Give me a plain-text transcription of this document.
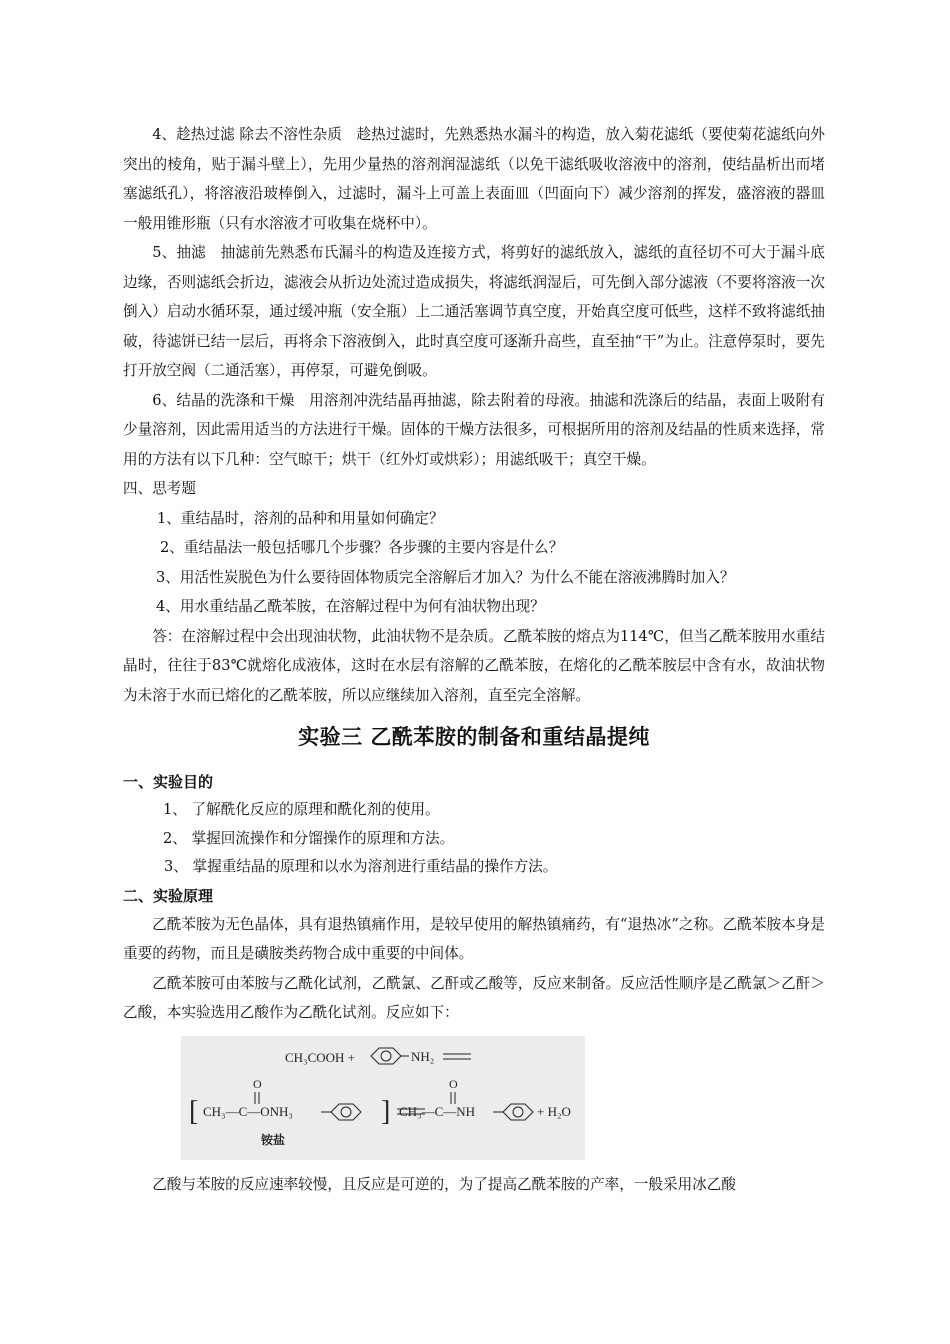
4、趁热过滤 除去不溶性杂质　趁热过滤时，先熟悉热水漏斗的构造，放入菊花滤纸（要使菊花滤纸向外突出的棱角，贴于漏斗壁上），先用少量热的溶剂润湿滤纸（以免干滤纸吸收溶液中的溶剂，使结晶析出而堵塞滤纸孔），将溶液沿玻棒倒入，过滤时，漏斗上可盖上表面皿（凹面向下）减少溶剂的挥发，盛溶液的器皿一般用锥形瓶（只有水溶液才可收集在烧杯中）。

5、抽滤　抽滤前先熟悉布氏漏斗的构造及连接方式，将剪好的滤纸放入，滤纸的直径切不可大于漏斗底边缘，否则滤纸会折边，滤液会从折边处流过造成损失，将滤纸润湿后，可先倒入部分滤液（不要将溶液一次倒入）启动水循环泵，通过缓冲瓶（安全瓶）上二通活塞调节真空度，开始真空度可低些，这样不致将滤纸抽破，待滤饼已结一层后，再将余下溶液倒入，此时真空度可逐渐升高些，直至抽“干”为止。注意停泵时，要先打开放空阀（二通活塞），再停泵，可避免倒吸。

6、结晶的洗涤和干燥　用溶剂冲洗结晶再抽滤，除去附着的母液。抽滤和洗涤后的结晶，表面上吸附有少量溶剂，因此需用适当的方法进行干燥。固体的干燥方法很多，可根据所用的溶剂及结晶的性质来选择，常用的方法有以下几种：空气晾干；烘干（红外灯或烘彩）；用滤纸吸干；真空干燥。

四、思考题
1、重结晶时，溶剂的品种和用量如何确定？
2、重结晶法一般包括哪几个步骤？各步骤的主要内容是什么？
3、用活性炭脱色为什么要待固体物质完全溶解后才加入？为什么不能在溶液沸腾时加入？
4、用水重结晶乙酰苯胺，在溶解过程中为何有油状物出现？

答：在溶解过程中会出现油状物，此油状物不是杂质。乙酰苯胺的熔点为114℃，但当乙酰苯胺用水重结晶时，往往于83℃就熔化成液体，这时在水层有溶解的乙酰苯胺，在熔化的乙酰苯胺层中含有水，故油状物为未溶于水而已熔化的乙酰苯胺，所以应继续加入溶剂，直至完全溶解。

实验三 乙酰苯胺的制备和重结晶提纯
一、实验目的
1、 了解酰化反应的原理和酰化剂的使用。
2、 掌握回流操作和分馏操作的原理和方法。
3、 掌握重结晶的原理和以水为溶剂进行重结晶的操作方法。
二、实验原理

乙酰苯胺为无色晶体，具有退热镇痛作用，是较早使用的解热镇痛药，有“退热冰”之称。乙酰苯胺本身是重要的药物，而且是磺胺类药物合成中重要的中间体。

乙酰苯胺可由苯胺与乙酰化试剂，乙酰氯、乙酐或乙酸等，反应来制备。反应活性顺序是乙酰氯＞乙酐＞乙酸，本实验选用乙酸作为乙酰化试剂。反应如下：

CH₃COOH +	NH₂
[	]
O
CH₃—C—ONH₃
O
CH₃—C—NH	+ H₂O
铵盐

乙酸与苯胺的反应速率较慢，且反应是可逆的，为了提高乙酰苯胺的产率，一般采用冰乙酸
